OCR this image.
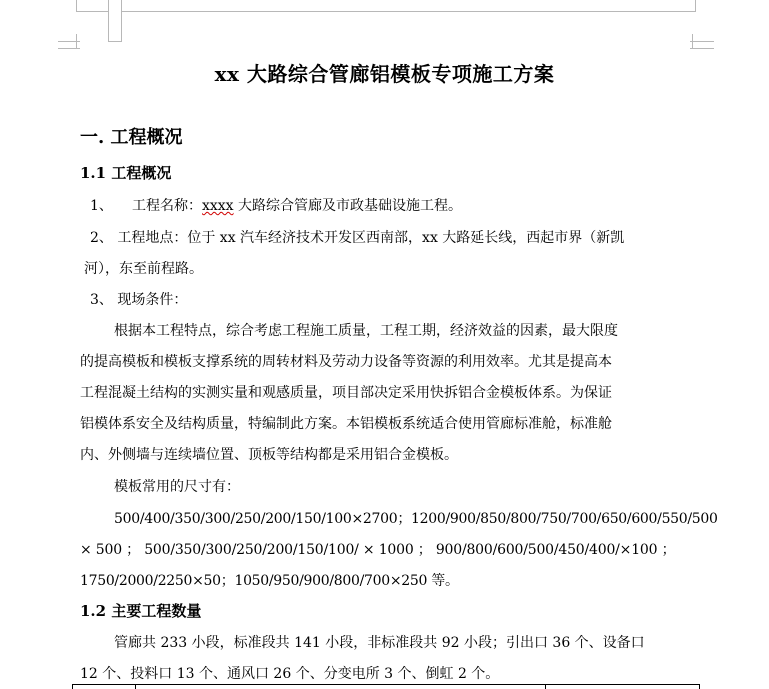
xx 大路综合管廊铝模板专项施工方案
一. 工程概况
1.1 工程概况
1、 工程名称：xxxx 大路综合管廊及市政基础设施工程。
2、 工程地点：位于 xx 汽车经济技术开发区西南部，xx 大路延长线，西起市界（新凯
河），东至前程路。
3、 现场条件：
根据本工程特点，综合考虑工程施工质量，工程工期，经济效益的因素，最大限度
的提高模板和模板支撑系统的周转材料及劳动力设备等资源的利用效率。尤其是提高本
工程混凝土结构的实测实量和观感质量，项目部决定采用快拆铝合金模板体系。为保证
铝模体系安全及结构质量，特编制此方案。本铝模板系统适合使用管廊标准舱，标准舱
内、外侧墙与连续墙位置、顶板等结构都是采用铝合金模板。
模板常用的尺寸有：
500/400/350/300/250/200/150/100×2700；1200/900/850/800/750/700/650/600/550/500
× 500 ； 500/350/300/250/200/150/100/ × 1000 ； 900/800/600/500/450/400/×100 ；
1750/2000/2250×50；1050/950/900/800/700×250 等。
1.2 主要工程数量
管廊共 233 小段，标准段共 141 小段，非标准段共 92 小段；引出口 36 个、设备口
12 个、投料口 13 个、通风口 26 个、分变电所 3 个、倒虹 2 个。
